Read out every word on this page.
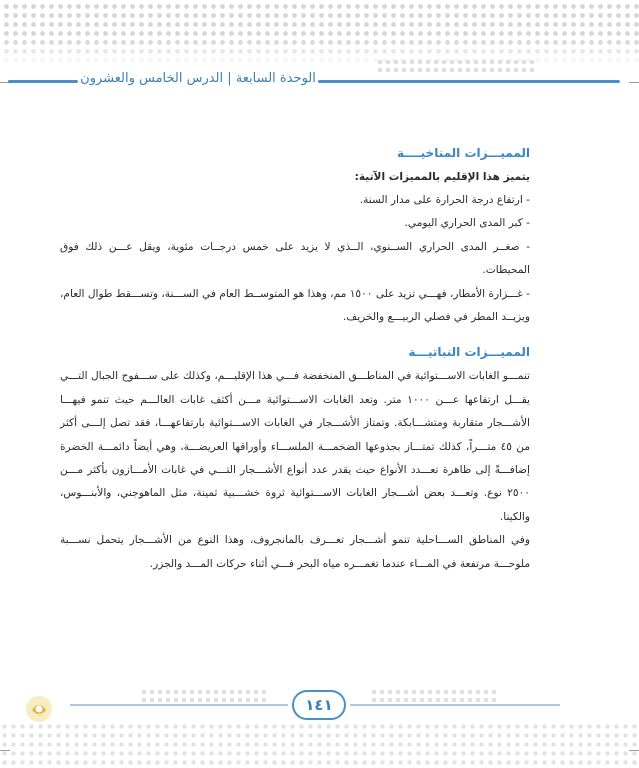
الوحدة السابعة | الدرس الخامس والعشرون

المميـــزات المناخيــــة

يتميز هذا الإقليم بالمميزات الآتية:

- ارتفاع درجة الحرارة على مدار السنة.

- كبر المدى الحراري اليومي.

- صغــر المدى الحراري الســنوي، الــذي لا يزيد على خمس درجــات مئوية، ويقل عـــن ذلك فوق المحيطات.

- غـــزارة الأمطار، فهـــي تزيد على ١٥٠٠ مم، وهذا هو المتوســط العام في الســـنة، وتســـقط طوال العام، ويزيــد المطر في فصلي الربيـــع والخريف.

المميـــزات النباتيـــة

تنمـــو الغابات الاســـتوائية في المناطـــق المنخفضة فـــي هذا الإقليـــم، وكذلك على ســـفوح الجبال التـــي يقـــل ارتفاعها عـــن ١٠٠٠ متر. وتعد الغابات الاســـتوائية مـــن أكثف غابات العالـــم حيث تنمو فيهـــا الأشـــجار متقاربة ومتشـــابكة. وتمتاز الأشـــجار في الغابات الاســـتوائية بارتفاعهـــا، فقد تصل إلـــى أكثر من ٤٥ متـــراً، كذلك تمتـــاز بجذوعها الضخمـــة الملســـاء وأوراقها العريضـــة، وهي أيضاً دائمـــة الخضرة إضافـــةً إلى ظاهرة تعـــدد الأنواع حيث يقدر عدد أنواع الأشـــجار التـــي في غابات الأمـــازون بأكثر مـــن ٢٥٠٠ نوع. وتعـــد بعض أشـــجار الغابات الاســـتوائية ثروة خشـــبية ثمينة، مثل الماهوجني، والأبنـــوس، والكينا.

وفي المناطق الســـاحلية تنمو أشـــجار تعـــرف بالمانجروف، وهذا النوع من الأشـــجار يتحمل نســـبة ملوحـــة مرتفعة في المـــاء عندما تغمـــره مياه البحر فـــي أثناء حركات المـــد والجزر.

١٤١
